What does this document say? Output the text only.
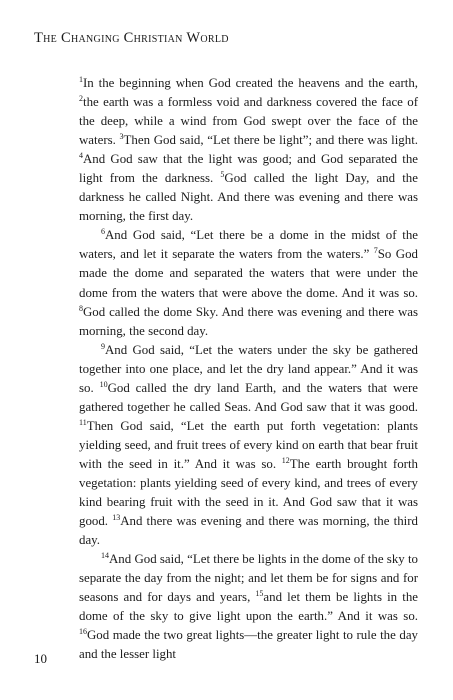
The Changing Christian World

$^1$In the beginning when God created the heavens and the earth, $^2$the earth was a formless void and darkness covered the face of the deep, while a wind from God swept over the face of the waters. $^3$Then God said, “Let there be light”; and there was light. $^4$And God saw that the light was good; and God separated the light from the darkness. $^5$God called the light Day, and the darkness he called Night. And there was evening and there was morning, the first day.

$^6$And God said, “Let there be a dome in the midst of the waters, and let it separate the waters from the waters.” $^7$So God made the dome and separated the waters that were under the dome from the waters that were above the dome. And it was so. $^8$God called the dome Sky. And there was evening and there was morning, the second day.

$^9$And God said, “Let the waters under the sky be gathered together into one place, and let the dry land appear.” And it was so. $^{10}$God called the dry land Earth, and the waters that were gathered together he called Seas. And God saw that it was good. $^{11}$Then God said, “Let the earth put forth vegetation: plants yielding seed, and fruit trees of every kind on earth that bear fruit with the seed in it.” And it was so. $^{12}$The earth brought forth vegetation: plants yielding seed of every kind, and trees of every kind bearing fruit with the seed in it. And God saw that it was good. $^{13}$And there was evening and there was morning, the third day.

$^{14}$And God said, “Let there be lights in the dome of the sky to separate the day from the night; and let them be for signs and for seasons and for days and years, $^{15}$and let them be lights in the dome of the sky to give light upon the earth.” And it was so. $^{16}$God made the two great lights—the greater light to rule the day and the lesser light

10
